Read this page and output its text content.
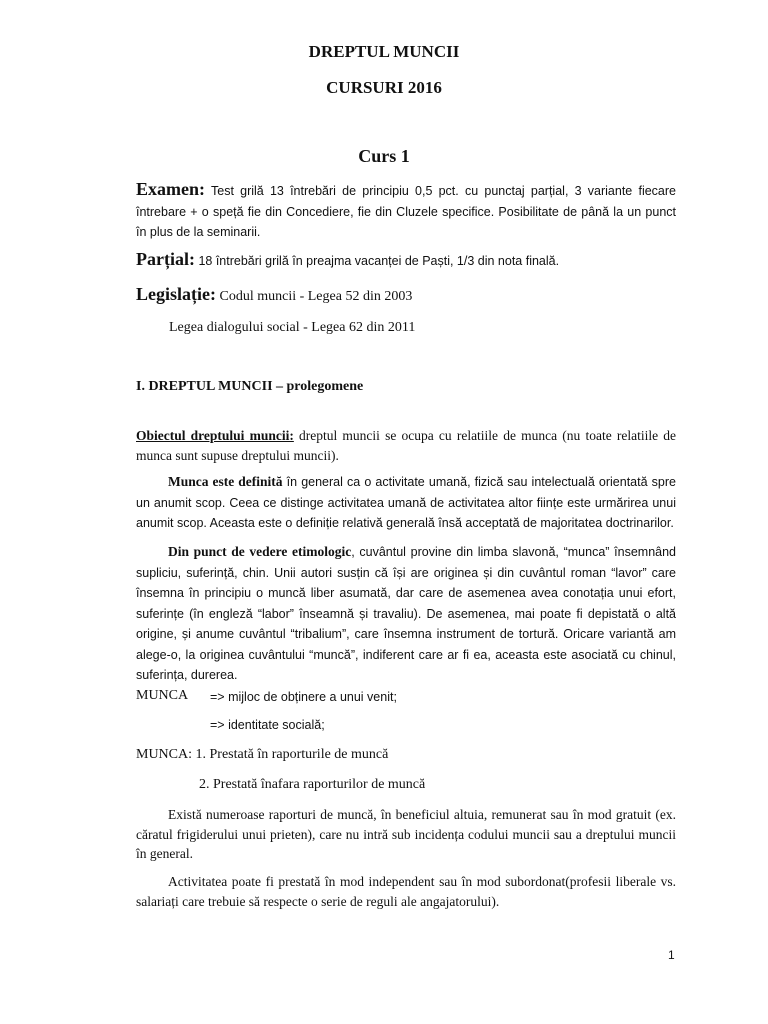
DREPTUL MUNCII
CURSURI 2016
Curs 1

Examen: Test grilă 13 întrebări de principiu 0,5 pct. cu punctaj parțial, 3 variante fiecare întrebare + o speță fie din Concediere, fie din Cluzele specifice. Posibilitate de până la un punct în plus de la seminarii.

Parțial: 18 întrebări grilă în preajma vacanței de Paști, 1/3 din nota finală.

Legislație: Codul muncii - Legea 52 din 2003

Legea dialogului social - Legea 62 din 2011
I. DREPTUL MUNCII – prolegomene

Obiectul dreptului muncii: dreptul muncii se ocupa cu relatiile de munca (nu toate relatiile de munca sunt supuse dreptului muncii).

Munca este definită în general ca o activitate umană, fizică sau intelectuală orientată spre un anumit scop. Ceea ce distinge activitatea umană de activitatea altor ființe este urmărirea unui anumit scop. Aceasta este o definiție relativă generală însă acceptată de majoritatea doctrinarilor.

Din punct de vedere etimologic, cuvântul provine din limba slavonă, “munca” însemnând supliciu, suferință, chin. Unii autori susțin că își are originea și din cuvântul roman “lavor” care însemna în principiu o muncă liber asumată, dar care de asemenea avea conotația unui efort, suferințe (în engleză “labor” înseamnă și travaliu). De asemenea, mai poate fi depistată o altă origine, și anume cuvântul “tribalium”, care însemna instrument de tortură. Oricare variantă am alege-o, la originea cuvântului “muncă”, indiferent care ar fi ea, aceasta este asociată cu chinul, suferința, durerea.

MUNCA => mijloc de obținere a unui venit;
=> identitate socială;
MUNCA: 1. Prestată în raporturile de muncă
2. Prestată înafara raporturilor de muncă

Există numeroase raporturi de muncă, în beneficiul altuia, remunerat sau în mod gratuit (ex. căratul frigiderului unui prieten), care nu intră sub incidența codului muncii sau a dreptului muncii în general.

Activitatea poate fi prestată în mod independent sau în mod subordonat(profesii liberale vs. salariați care trebuie să respecte o serie de reguli ale angajatorului).

1
